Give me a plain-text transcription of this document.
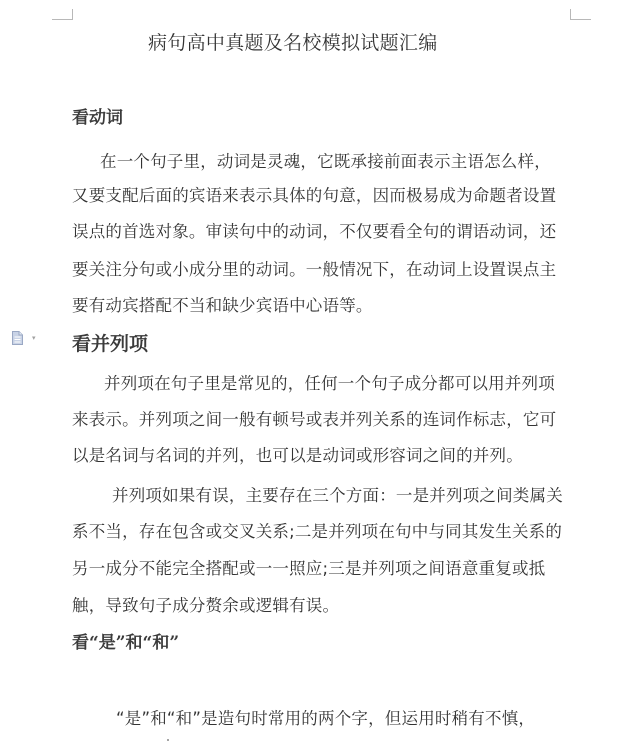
病句高中真题及名校模拟试题汇编
看动词
在一个句子里，动词是灵魂，它既承接前面表示主语怎么样，
又要支配后面的宾语来表示具体的句意，因而极易成为命题者设置
误点的首选对象。审读句中的动词，不仅要看全句的谓语动词，还
要关注分句或小成分里的动词。一般情况下，在动词上设置误点主
要有动宾搭配不当和缺少宾语中心语等。
▾ 看并列项
并列项在句子里是常见的，任何一个句子成分都可以用并列项
来表示。并列项之间一般有顿号或表并列关系的连词作标志，它可
以是名词与名词的并列，也可以是动词或形容词之间的并列。
并列项如果有误，主要存在三个方面：一是并列项之间类属关
系不当，存在包含或交叉关系;二是并列项在句中与同其发生关系的
另一成分不能完全搭配或一一照应;三是并列项之间语意重复或抵
触，导致句子成分赘余或逻辑有误。
看“是”和“和”
“是”和“和”是造句时常用的两个字，但运用时稍有不慎，
